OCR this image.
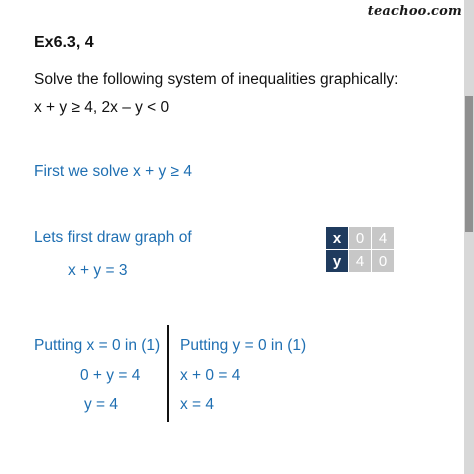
teachoo.com
Ex6.3, 4
Solve the following system of inequalities graphically:
x + y ≥ 4, 2x – y < 0
First we solve x + y ≥ 4
Lets first draw graph of
x + y = 3
x	0	4
y	4	0
Putting x = 0 in (1)
0 + y = 4
y = 4
Putting y = 0 in (1)
x + 0 = 4
x = 4
